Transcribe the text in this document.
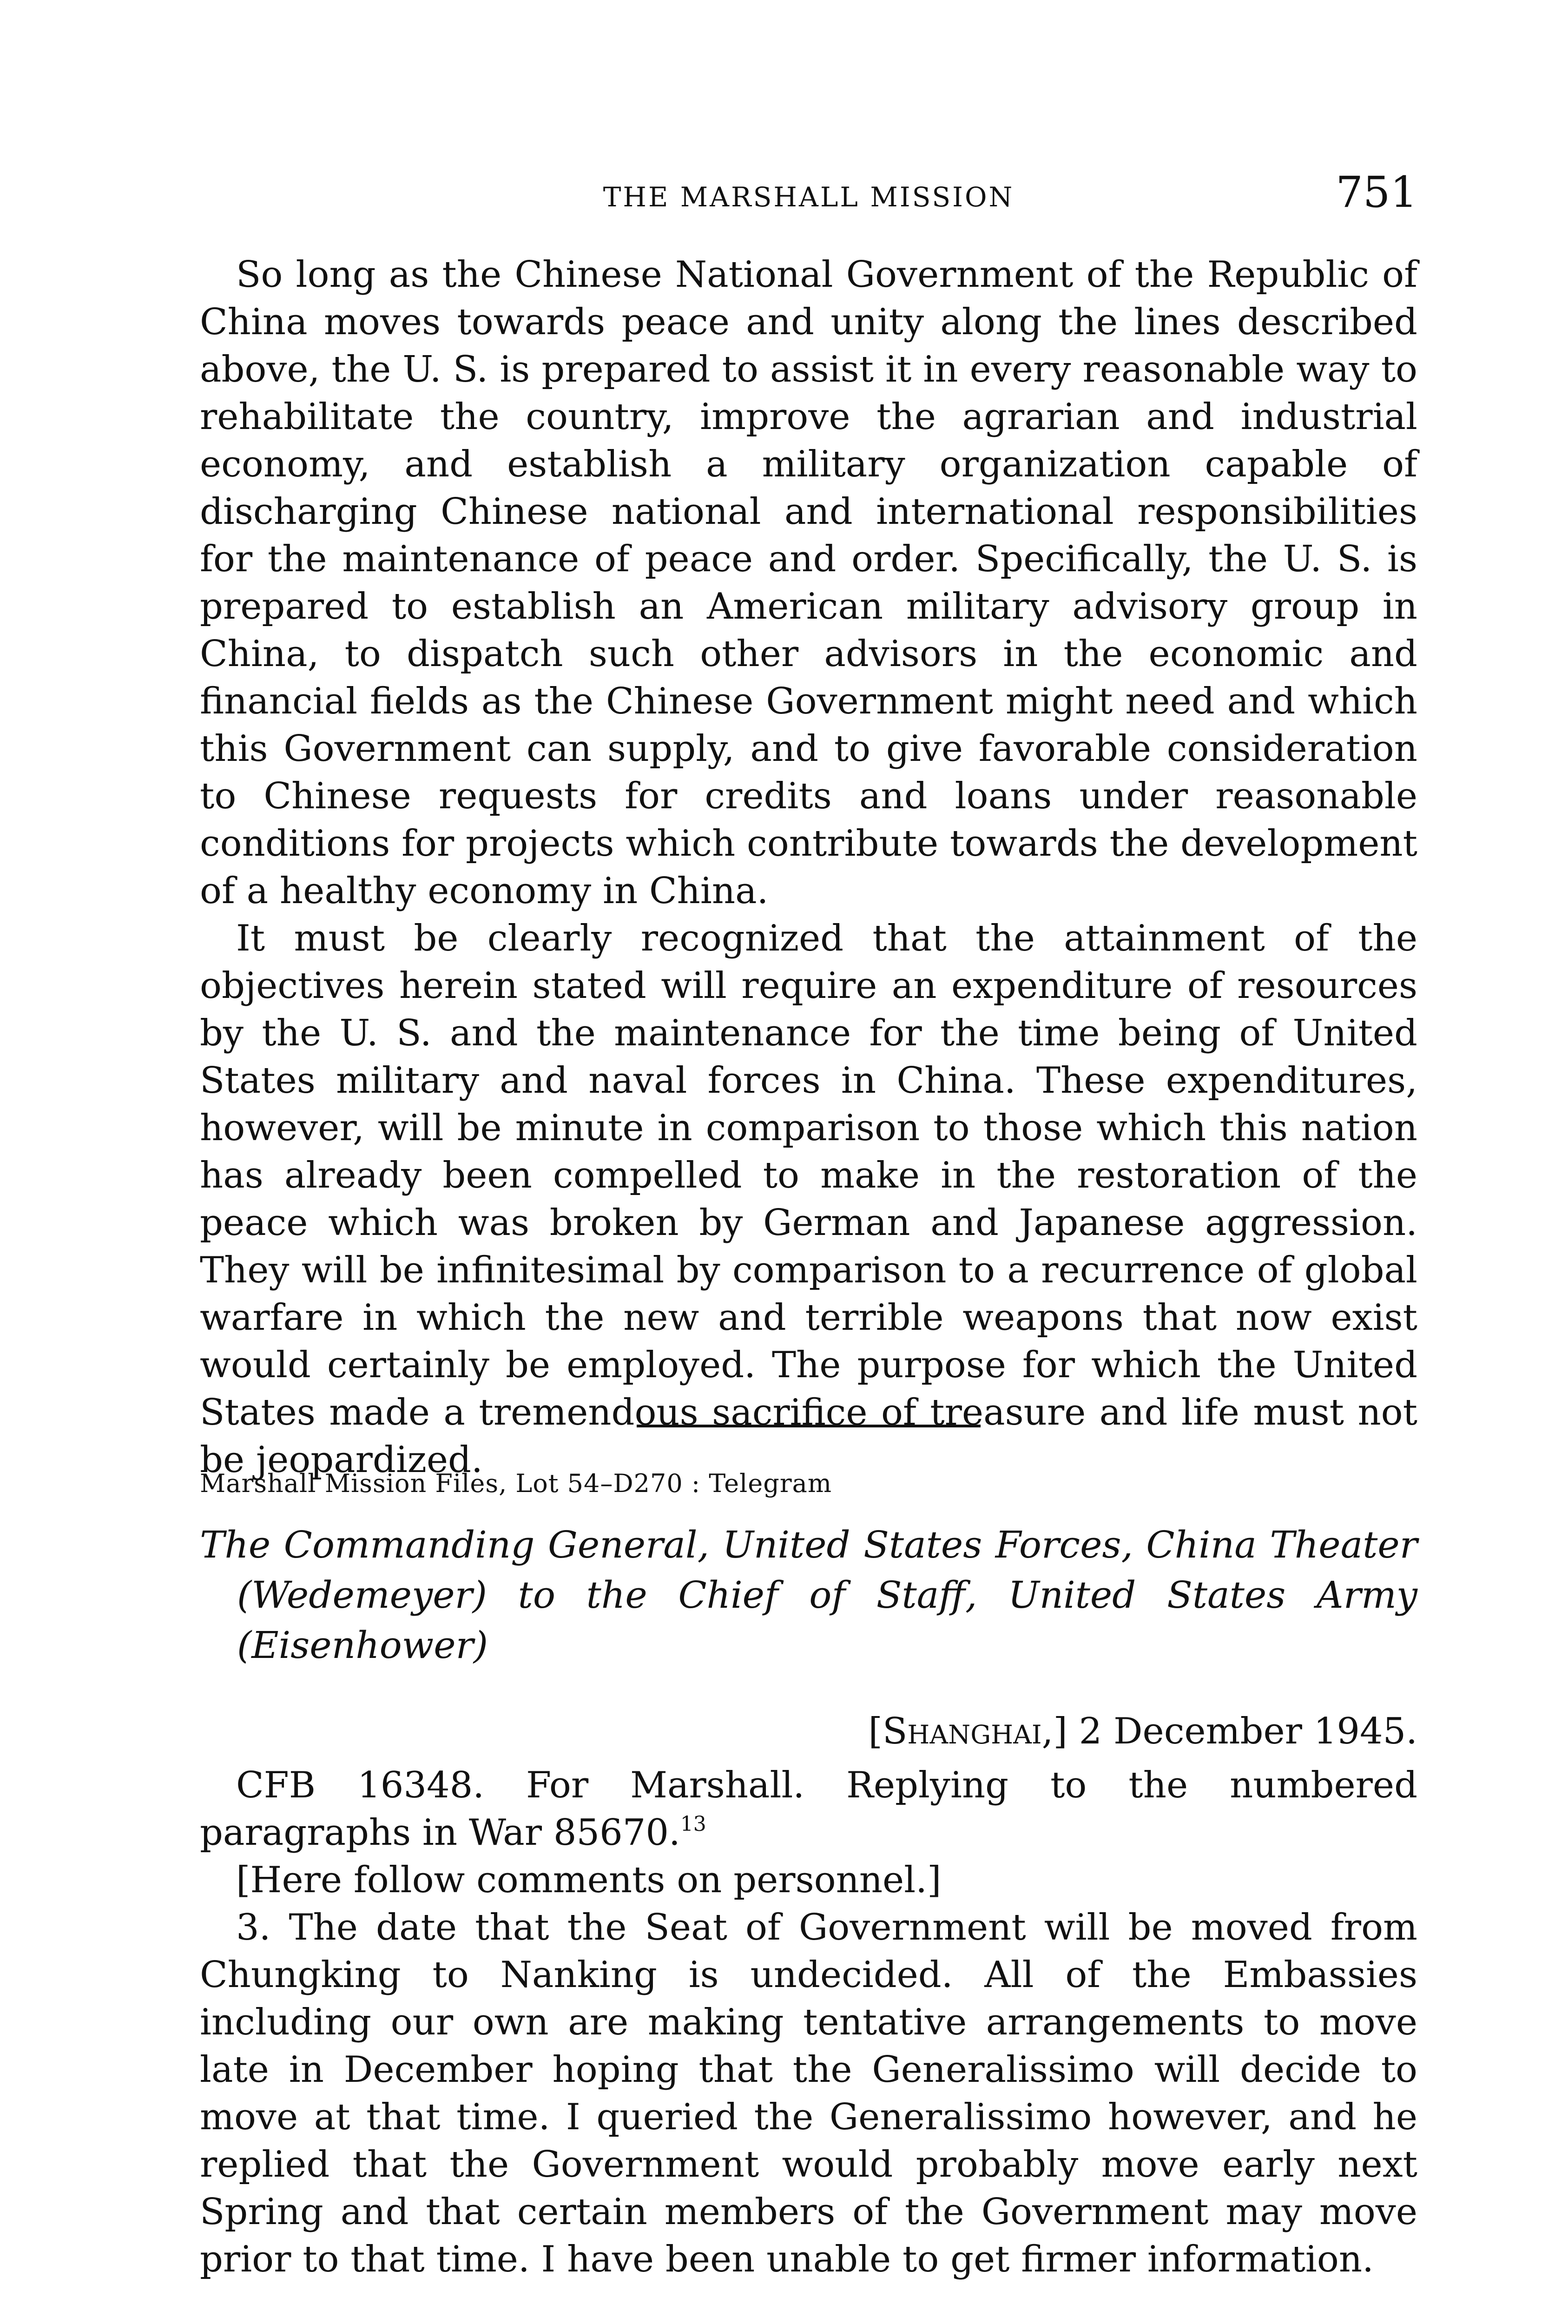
THE MARSHALL MISSION	751

So long as the Chinese National Government of the Republic of China moves towards peace and unity along the lines described above, the U. S. is prepared to assist it in every reasonable way to rehabilitate the country, improve the agrarian and industrial economy, and establish a military organization capable of discharging Chinese national and international responsibilities for the maintenance of peace and order. Specifically, the U. S. is prepared to establish an American military advisory group in China, to dispatch such other advisors in the economic and financial fields as the Chinese Government might need and which this Government can supply, and to give favorable consideration to Chinese requests for credits and loans under reasonable conditions for projects which contribute towards the development of a healthy economy in China.

It must be clearly recognized that the attainment of the objectives herein stated will require an expenditure of resources by the U. S. and the maintenance for the time being of United States military and naval forces in China. These expenditures, however, will be minute in comparison to those which this nation has already been compelled to make in the restoration of the peace which was broken by German and Japanese aggression. They will be infinitesimal by comparison to a recurrence of global warfare in which the new and terrible weapons that now exist would certainly be employed. The purpose for which the United States made a tremendous sacrifice of treasure and life must not be jeopardized.

Marshall Mission Files, Lot 54–D270 : Telegram
The Commanding General, United States Forces, China Theater
(Wedemeyer) to the Chief of Staff, United States Army
(Eisenhower)
[Shanghai,] 2 December 1945.

CFB 16348. For Marshall. Replying to the numbered paragraphs in War 85670.13

[Here follow comments on personnel.]

3. The date that the Seat of Government will be moved from Chungking to Nanking is undecided. All of the Embassies including our own are making tentative arrangements to move late in December hoping that the Generalissimo will decide to move at that time. I queried the Generalissimo however, and he replied that the Government would probably move early next Spring and that certain members of the Government may move prior to that time. I have been unable to get firmer information.
